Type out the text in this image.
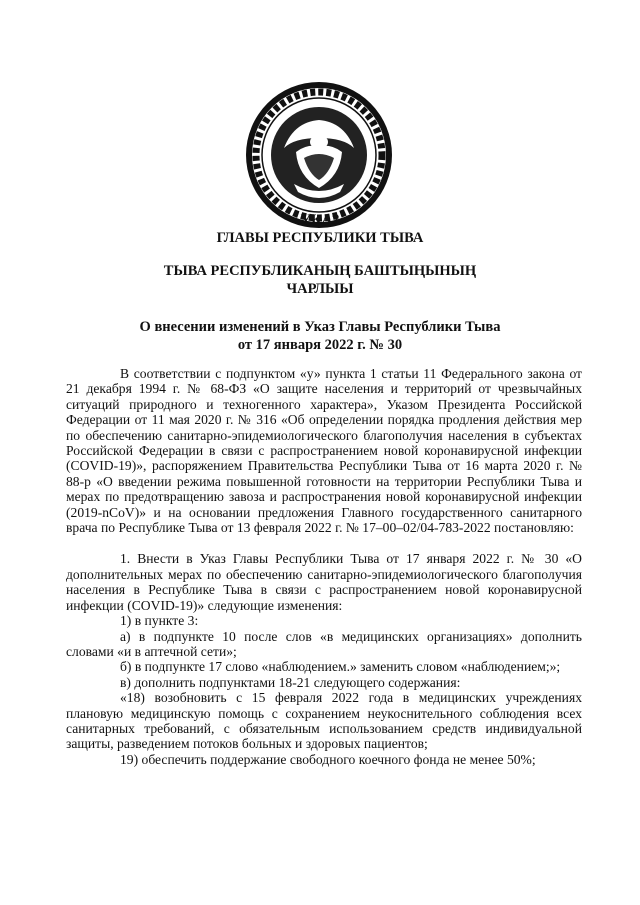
УКАЗ
ГЛАВЫ РЕСПУБЛИКИ ТЫВА
ТЫВА РЕСПУБЛИКАНЫҢ БАШТЫҢЫНЫҢ
ЧАРЛЫЫ
О внесении изменений в Указ Главы Республики Тыва
от 17 января 2022 г. № 30

В соответствии с подпунктом «у» пункта 1 статьи 11 Федерального закона от 21 декабря 1994 г. № 68-ФЗ «О защите населения и территорий от чрезвычайных ситуаций природного и техногенного характера», Указом Президента Российской Федерации от 11 мая 2020 г. № 316 «Об определении порядка продления действия мер по обеспечению санитарно-эпидемиологического благополучия населения в субъектах Российской Федерации в связи с распространением новой коронавирусной инфекции (COVID-19)», распоряжением Правительства Республики Тыва от 16 марта 2020 г. № 88-р «О введении режима повышенной готовности на территории Республики Тыва и мерах по предотвращению завоза и распространения новой коронавирусной инфекции (2019-nCoV)» и на основании предложения Главного государственного санитарного врача по Республике Тыва от 13 февраля 2022 г. № 17–00–02/04-783-2022 постановляю:

1. Внести в Указ Главы Республики Тыва от 17 января 2022 г. № 30 «О дополнительных мерах по обеспечению санитарно-эпидемиологического благополучия населения в Республике Тыва в связи с распространением новой коронавирусной инфекции (COVID-19)» следующие изменения:

1) в пункте 3:

а) в подпункте 10 после слов «в медицинских организациях» дополнить словами «и в аптечной сети»;

б) в подпункте 17 слово «наблюдением.» заменить словом «наблюдением;»;

в) дополнить подпунктами 18-21 следующего содержания:

«18) возобновить с 15 февраля 2022 года в медицинских учреждениях плановую медицинскую помощь с сохранением неукоснительного соблюдения всех санитарных требований, с обязательным использованием средств индивидуальной защиты, разведением потоков больных и здоровых пациентов;

19) обеспечить поддержание свободного коечного фонда не менее 50%;
